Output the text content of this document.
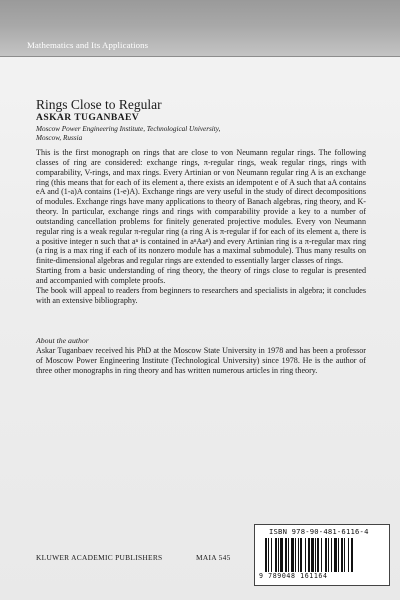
Mathematics and Its Applications
Rings Close to Regular
ASKAR TUGANBAEV
Moscow Power Engineering Institute, Technological University,
Moscow, Russia

This is the first monograph on rings that are close to von Neumann regular rings. The following classes of ring are considered: exchange rings, π-regular rings, weak regular rings, rings with comparability, V-rings, and max rings. Every Artinian or von Neumann regular ring A is an exchange ring (this means that for each of its element a, there exists an idempotent e of A such that aA contains eA and (1-a)A contains (1-e)A). Exchange rings are very useful in the study of direct decompositions of modules. Exchange rings have many applications to theory of Banach algebras, ring theory, and K-theory. In particular, exchange rings and rings with comparability provide a key to a number of outstanding cancellation problems for finitely generated projective modules. Every von Neumann regular ring is a weak regular π-regular ring (a ring A is π-regular if for each of its element a, there is a positive integer n such that aⁿ is contained in aⁿAaⁿ) and every Artinian ring is a π-regular max ring (a ring is a max ring if each of its nonzero module has a maximal submodule). Thus many results on finite-dimensional algebras and regular rings are extended to essentially larger classes of rings.

Starting from a basic understanding of ring theory, the theory of rings close to regular is presented and accompanied with complete proofs.

The book will appeal to readers from beginners to researchers and specialists in algebra; it concludes with an extensive bibliography.

About the author
Askar Tuganbaev received his PhD at the Moscow State University in 1978 and has been a professor of Moscow Power Engineering Institute (Technological University) since 1978. He is the author of three other monographs in ring theory and has written numerous articles in ring theory.
KLUWER ACADEMIC PUBLISHERS	MAIA 545
ISBN 978-90-481-6116-4
9 789048 161164
